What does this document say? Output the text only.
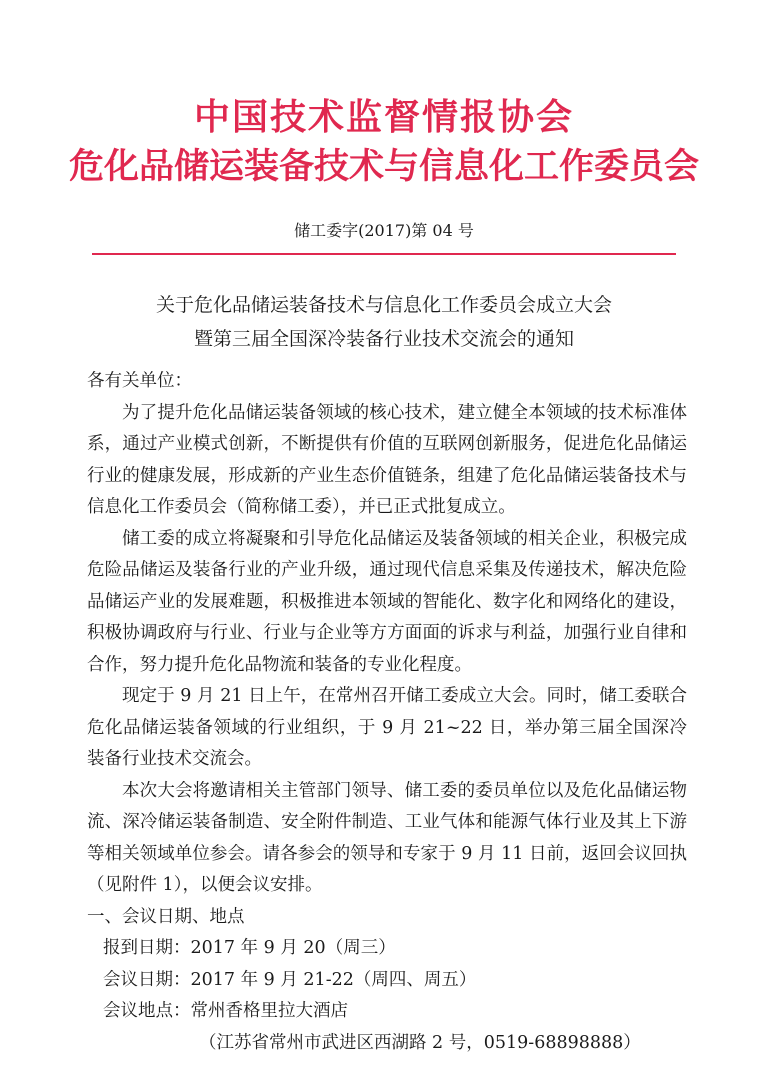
中国技术监督情报协会
危化品储运装备技术与信息化工作委员会
储工委字(2017)第 04 号
关于危化品储运装备技术与信息化工作委员会成立大会
暨第三届全国深冷装备行业技术交流会的通知

各有关单位：

为了提升危化品储运装备领域的核心技术，建立健全本领域的技术标准体系，通过产业模式创新，不断提供有价值的互联网创新服务，促进危化品储运行业的健康发展，形成新的产业生态价值链条，组建了危化品储运装备技术与信息化工作委员会（简称储工委），并已正式批复成立。

储工委的成立将凝聚和引导危化品储运及装备领域的相关企业，积极完成危险品储运及装备行业的产业升级，通过现代信息采集及传递技术，解决危险品储运产业的发展难题，积极推进本领域的智能化、数字化和网络化的建设，积极协调政府与行业、行业与企业等方方面面的诉求与利益，加强行业自律和合作，努力提升危化品物流和装备的专业化程度。

现定于 9 月 21 日上午，在常州召开储工委成立大会。同时，储工委联合危化品储运装备领域的行业组织，于 9 月 21~22 日，举办第三届全国深冷装备行业技术交流会。

本次大会将邀请相关主管部门领导、储工委的委员单位以及危化品储运物流、深冷储运装备制造、安全附件制造、工业气体和能源气体行业及其上下游等相关领域单位参会。请各参会的领导和专家于 9 月 11 日前，返回会议回执（见附件 1），以便会议安排。

一、会议日期、地点

报到日期：2017 年 9 月 20（周三）

会议日期：2017 年 9 月 21-22（周四、周五）

会议地点：常州香格里拉大酒店

（江苏省常州市武进区西湖路 2 号，0519-68898888）
